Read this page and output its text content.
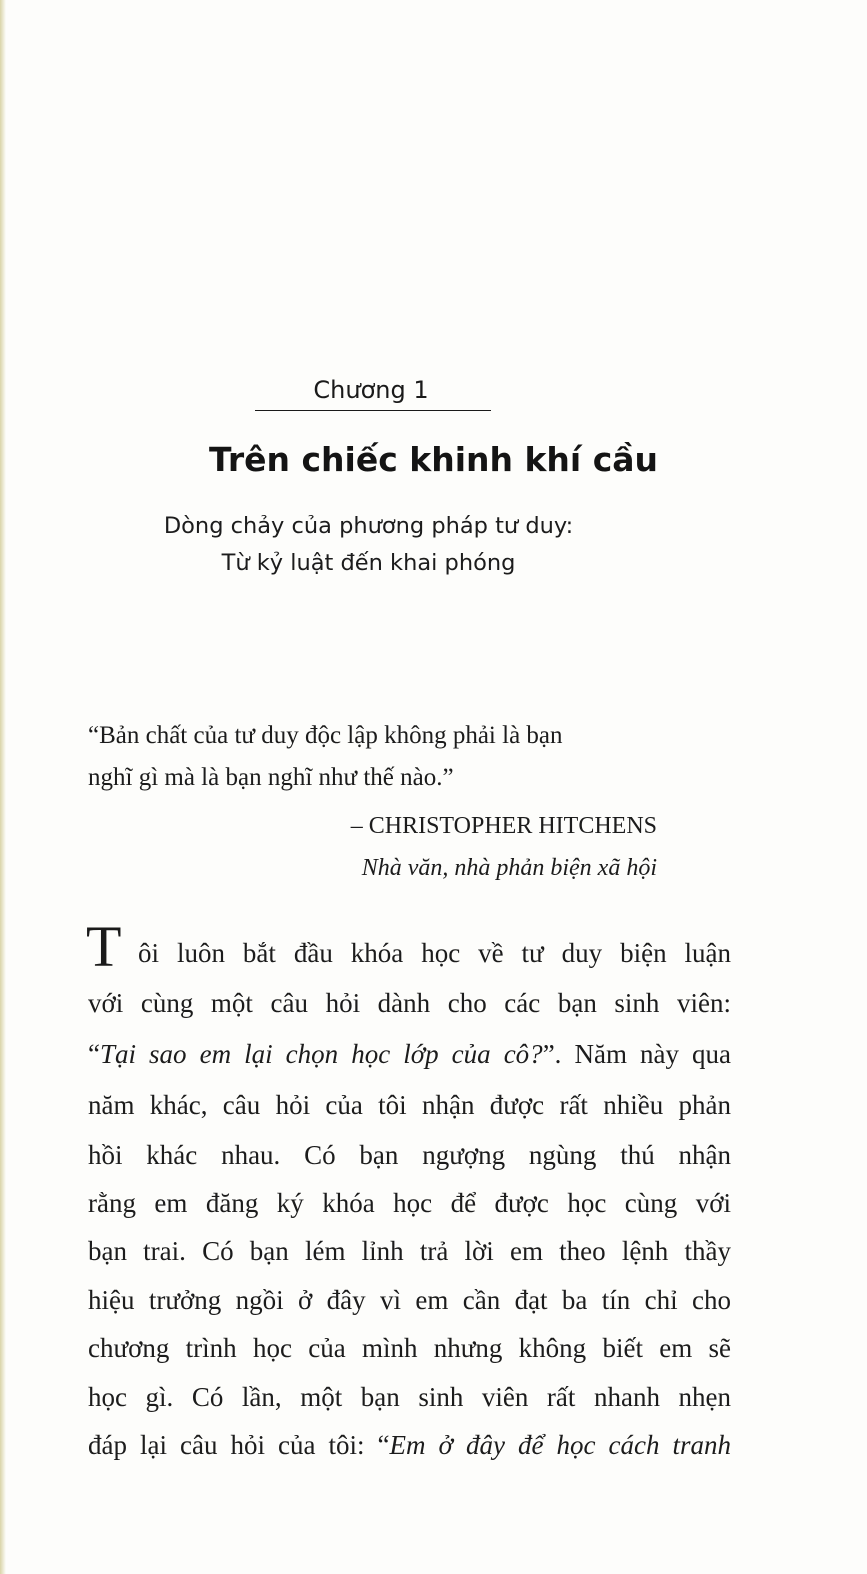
Chương 1
Trên chiếc khinh khí cầu
Dòng chảy của phương pháp tư duy:
Từ kỷ luật đến khai phóng
“Bản chất của tư duy độc lập không phải là bạn
nghĩ gì mà là bạn nghĩ như thế nào.”
– CHRISTOPHER HITCHENS
Nhà văn, nhà phản biện xã hội
T ôi luôn bắt đầu khóa học về tư duy biện luận
với cùng một câu hỏi dành cho các bạn sinh viên:
“Tại sao em lại chọn học lớp của cô?”. Năm này qua
năm khác, câu hỏi của tôi nhận được rất nhiều phản
hồi khác nhau. Có bạn ngượng ngùng thú nhận
rằng em đăng ký khóa học để được học cùng với
bạn trai. Có bạn lém lỉnh trả lời em theo lệnh thầy
hiệu trưởng ngồi ở đây vì em cần đạt ba tín chỉ cho
chương trình học của mình nhưng không biết em sẽ
học gì. Có lần, một bạn sinh viên rất nhanh nhẹn
đáp lại câu hỏi của tôi: “Em ở đây để học cách tranh
